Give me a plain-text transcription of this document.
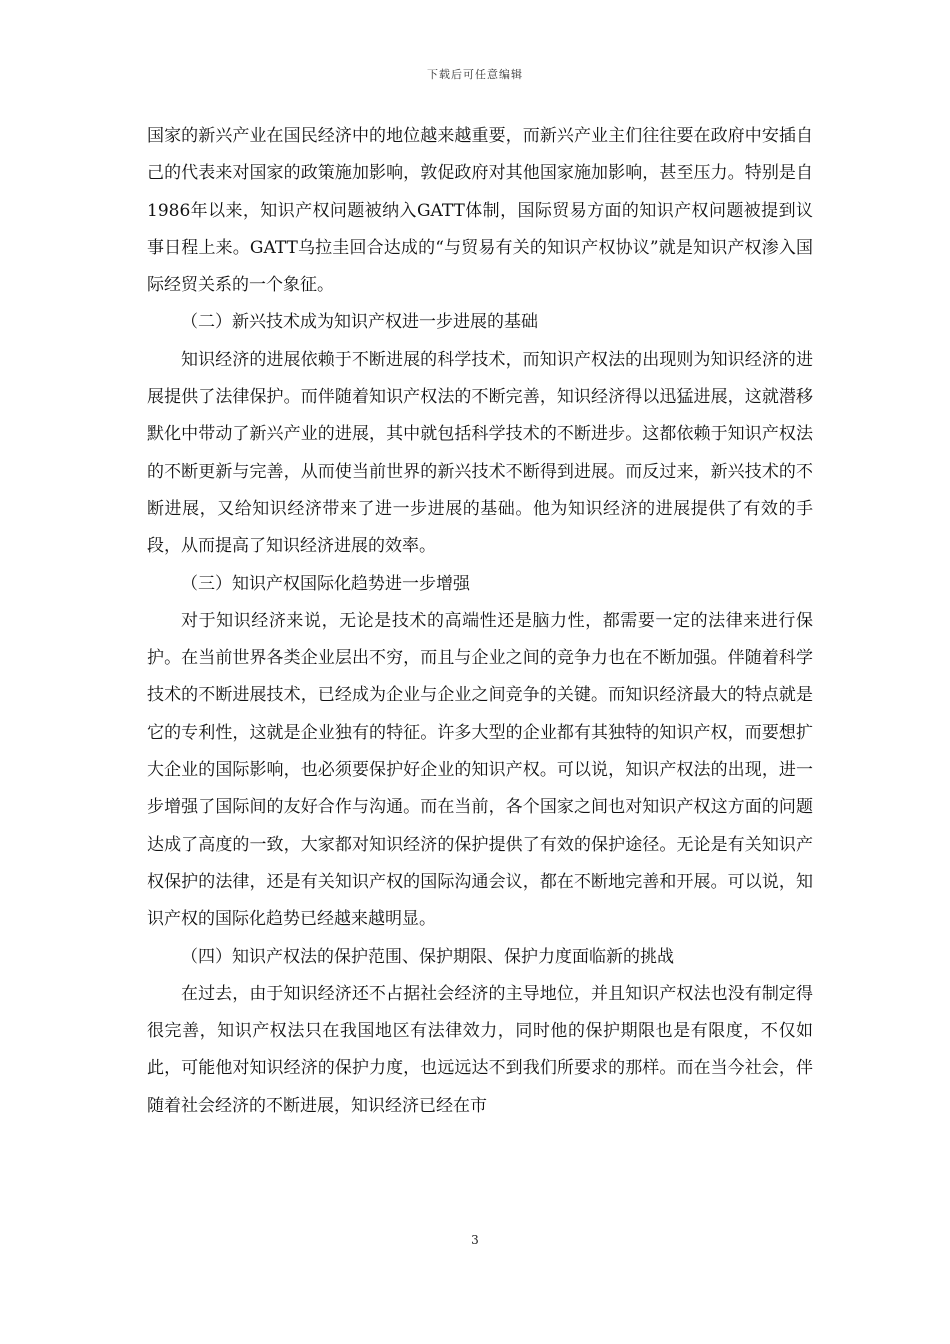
下载后可任意编辑

国家的新兴产业在国民经济中的地位越来越重要，而新兴产业主们往往要在政府中安插自己的代表来对国家的政策施加影响，敦促政府对其他国家施加影响，甚至压力。特别是自1986年以来，知识产权问题被纳入GATT体制，国际贸易方面的知识产权问题被提到议事日程上来。GATT乌拉圭回合达成的“与贸易有关的知识产权协议”就是知识产权渗入国际经贸关系的一个象征。

（二）新兴技术成为知识产权进一步进展的基础

知识经济的进展依赖于不断进展的科学技术，而知识产权法的出现则为知识经济的进展提供了法律保护。而伴随着知识产权法的不断完善，知识经济得以迅猛进展，这就潜移默化中带动了新兴产业的进展，其中就包括科学技术的不断进步。这都依赖于知识产权法的不断更新与完善，从而使当前世界的新兴技术不断得到进展。而反过来，新兴技术的不断进展，又给知识经济带来了进一步进展的基础。他为知识经济的进展提供了有效的手段，从而提高了知识经济进展的效率。

（三）知识产权国际化趋势进一步增强

对于知识经济来说，无论是技术的高端性还是脑力性，都需要一定的法律来进行保护。在当前世界各类企业层出不穷，而且与企业之间的竞争力也在不断加强。伴随着科学技术的不断进展技术，已经成为企业与企业之间竞争的关键。而知识经济最大的特点就是它的专利性，这就是企业独有的特征。许多大型的企业都有其独特的知识产权，而要想扩大企业的国际影响，也必须要保护好企业的知识产权。可以说，知识产权法的出现，进一步增强了国际间的友好合作与沟通。而在当前，各个国家之间也对知识产权这方面的问题达成了高度的一致，大家都对知识经济的保护提供了有效的保护途径。无论是有关知识产权保护的法律，还是有关知识产权的国际沟通会议，都在不断地完善和开展。可以说，知识产权的国际化趋势已经越来越明显。

（四）知识产权法的保护范围、保护期限、保护力度面临新的挑战

在过去，由于知识经济还不占据社会经济的主导地位，并且知识产权法也没有制定得很完善，知识产权法只在我国地区有法律效力，同时他的保护期限也是有限度，不仅如此，可能他对知识经济的保护力度，也远远达不到我们所要求的那样。而在当今社会，伴随着社会经济的不断进展，知识经济已经在市

3
